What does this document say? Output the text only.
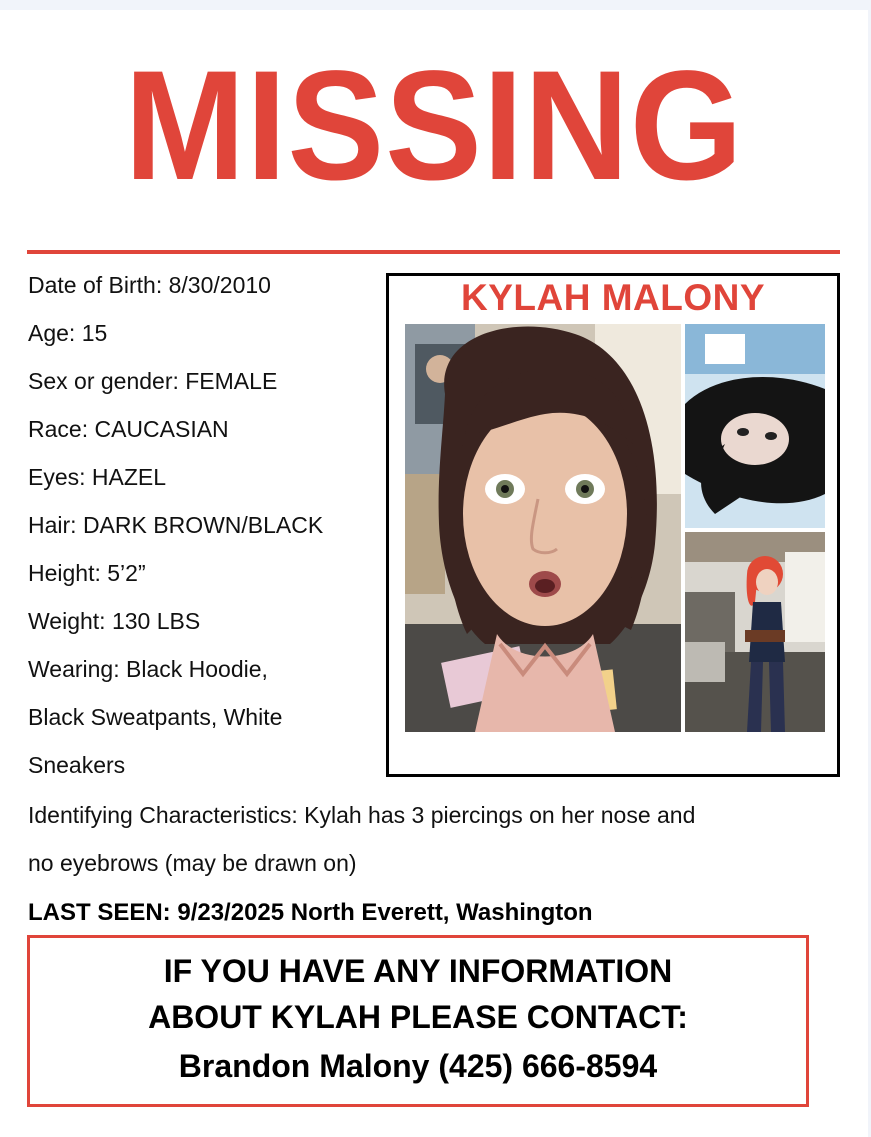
MISSING
Date of Birth: 8/30/2010
Age: 15
Sex or gender: FEMALE
Race: CAUCASIAN
Eyes: HAZEL
Hair: DARK BROWN/BLACK
Height: 5’2”
Weight: 130 LBS
Wearing: Black Hoodie,
Black Sweatpants, White
Sneakers
KYLAH MALONY
Identifying Characteristics: Kylah has 3 piercings on her nose and
no eyebrows (may be drawn on)
LAST SEEN: 9/23/2025 North Everett, Washington
IF YOU HAVE ANY INFORMATION
ABOUT KYLAH PLEASE CONTACT:
Brandon Malony (425) 666-8594
